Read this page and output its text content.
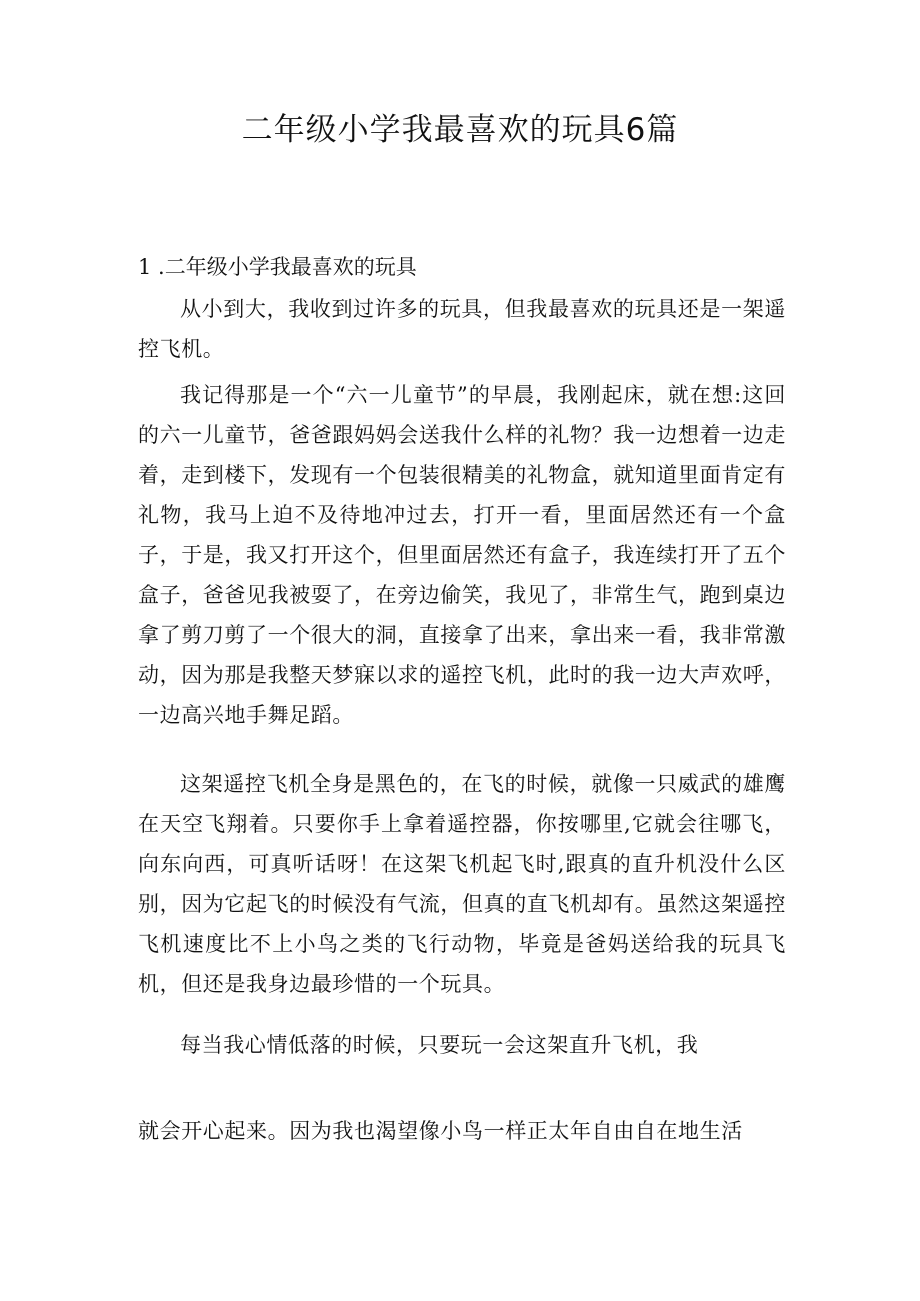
二年级小学我最喜欢的玩具6篇
1 .二年级小学我最喜欢的玩具

从小到大，我收到过许多的玩具，但我最喜欢的玩具还是一架遥控飞机。

我记得那是一个“六一儿童节”的早晨，我刚起床，就在想:这回的六一儿童节，爸爸跟妈妈会送我什么样的礼物？我一边想着一边走着，走到楼下，发现有一个包装很精美的礼物盒，就知道里面肯定有礼物，我马上迫不及待地冲过去，打开一看，里面居然还有一个盒子，于是，我又打开这个，但里面居然还有盒子，我连续打开了五个盒子，爸爸见我被耍了，在旁边偷笑，我见了，非常生气，跑到桌边拿了剪刀剪了一个很大的洞，直接拿了出来，拿出来一看，我非常激动，因为那是我整天梦寐以求的遥控飞机，此时的我一边大声欢呼，一边高兴地手舞足蹈。

这架遥控飞机全身是黑色的，在飞的时候，就像一只威武的雄鹰在天空飞翔着。只要你手上拿着遥控器，你按哪里,它就会往哪飞，向东向西，可真听话呀！在这架飞机起飞时,跟真的直升机没什么区别，因为它起飞的时候没有气流，但真的直飞机却有。虽然这架遥控飞机速度比不上小鸟之类的飞行动物，毕竟是爸妈送给我的玩具飞机，但还是我身边最珍惜的一个玩具。

每当我心情低落的时候，只要玩一会这架直升飞机，我

就会开心起来。因为我也渴望像小鸟一样正太年自由自在地生活
